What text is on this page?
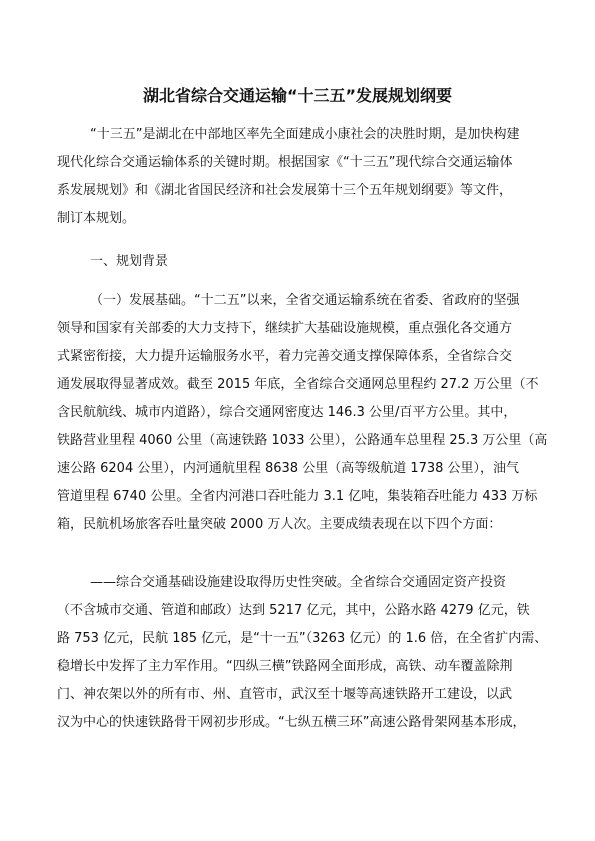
湖北省综合交通运输“十三五”发展规划纲要
“十三五”是湖北在中部地区率先全面建成小康社会的决胜时期，是加快构建
现代化综合交通运输体系的关键时期。根据国家《“十三五”现代综合交通运输体
系发展规划》和《湖北省国民经济和社会发展第十三个五年规划纲要》等文件，
制订本规划。
一、规划背景
（一）发展基础。“十二五”以来，全省交通运输系统在省委、省政府的坚强
领导和国家有关部委的大力支持下，继续扩大基础设施规模，重点强化各交通方
式紧密衔接，大力提升运输服务水平，着力完善交通支撑保障体系，全省综合交
通发展取得显著成效。截至 2015 年底，全省综合交通网总里程约 27.2 万公里（不
含民航航线、城市内道路），综合交通网密度达 146.3 公里/百平方公里。其中，
铁路营业里程 4060 公里（高速铁路 1033 公里），公路通车总里程 25.3 万公里（高
速公路 6204 公里），内河通航里程 8638 公里（高等级航道 1738 公里），油气
管道里程 6740 公里。全省内河港口吞吐能力 3.1 亿吨，集装箱吞吐能力 433 万标
箱，民航机场旅客吞吐量突破 2000 万人次。主要成绩表现在以下四个方面：
——综合交通基础设施建设取得历史性突破。全省综合交通固定资产投资
（不含城市交通、管道和邮政）达到 5217 亿元，其中，公路水路 4279 亿元，铁
路 753 亿元，民航 185 亿元，是“十一五”（3263 亿元）的 1.6 倍，在全省扩内需、
稳增长中发挥了主力军作用。“四纵三横”铁路网全面形成，高铁、动车覆盖除荆
门、神农架以外的所有市、州、直管市，武汉至十堰等高速铁路开工建设，以武
汉为中心的快速铁路骨干网初步形成。“七纵五横三环”高速公路骨架网基本形成，
